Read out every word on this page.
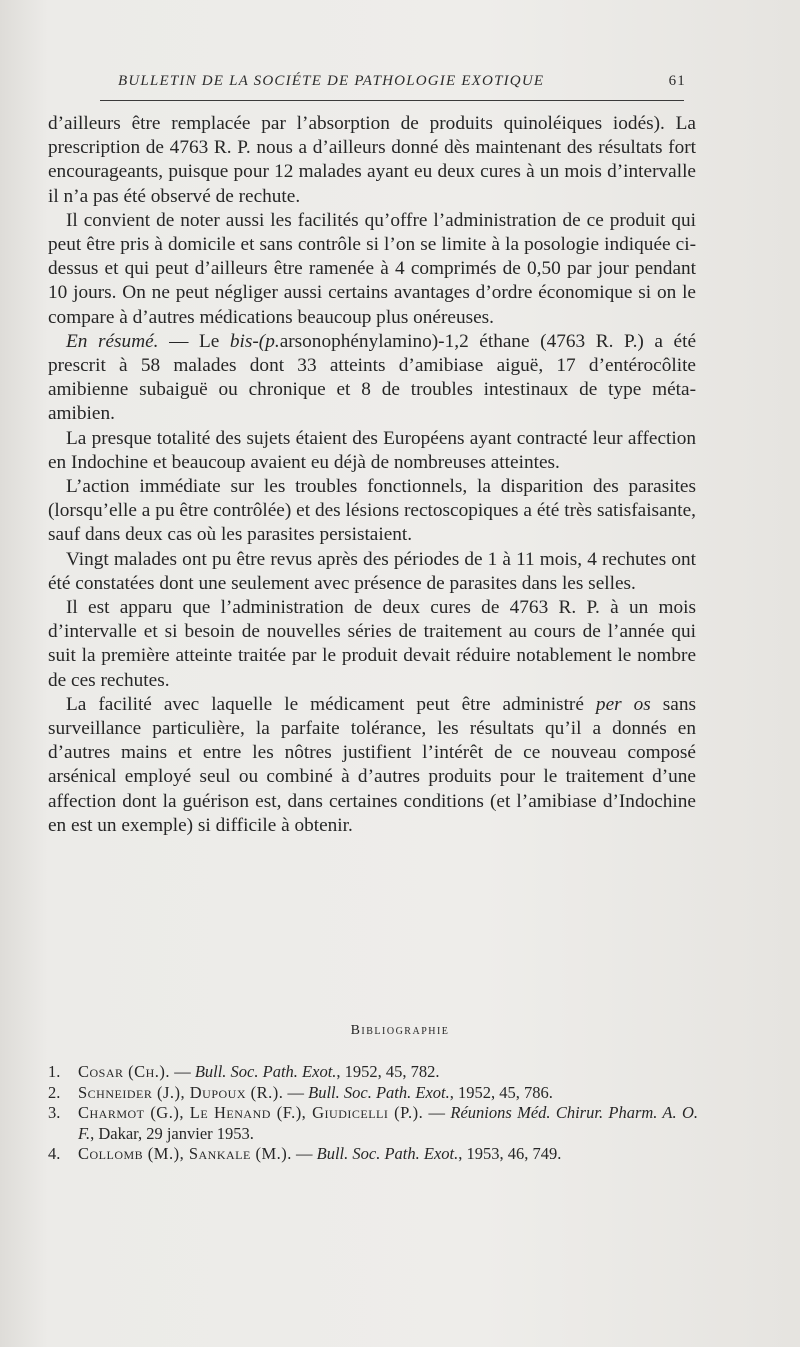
BULLETIN DE LA SOCIÉTE DE PATHOLOGIE EXOTIQUE	61

d’ailleurs être remplacée par l’absorption de produits quinoléiques iodés). La prescription de 4763 R. P. nous a d’ailleurs donné dès maintenant des résultats fort encourageants, puisque pour 12 malades ayant eu deux cures à un mois d’intervalle il n’a pas été observé de rechute.

Il convient de noter aussi les facilités qu’offre l’administration de ce produit qui peut être pris à domicile et sans contrôle si l’on se limite à la posologie indiquée ci-dessus et qui peut d’ailleurs être ramenée à 4 comprimés de 0,50 par jour pendant 10 jours. On ne peut négliger aussi certains avantages d’ordre économique si on le compare à d’autres médications beaucoup plus onéreuses.

En résumé. — Le bis-(p.arsonophénylamino)-1,2 éthane (4763 R. P.) a été prescrit à 58 malades dont 33 atteints d’amibiase aiguë, 17 d’entérocôlite amibienne subaiguë ou chronique et 8 de troubles intestinaux de type méta-amibien.

La presque totalité des sujets étaient des Européens ayant contracté leur affection en Indochine et beaucoup avaient eu déjà de nombreuses atteintes.

L’action immédiate sur les troubles fonctionnels, la disparition des parasites (lorsqu’elle a pu être contrôlée) et des lésions rectoscopiques a été très satisfaisante, sauf dans deux cas où les parasites persistaient.

Vingt malades ont pu être revus après des périodes de 1 à 11 mois, 4 rechutes ont été constatées dont une seulement avec présence de parasites dans les selles.

Il est apparu que l’administration de deux cures de 4763 R. P. à un mois d’intervalle et si besoin de nouvelles séries de traitement au cours de l’année qui suit la première atteinte traitée par le produit devait réduire notablement le nombre de ces rechutes.

La facilité avec laquelle le médicament peut être administré per os sans surveillance particulière, la parfaite tolérance, les résultats qu’il a donnés en d’autres mains et entre les nôtres justifient l’intérêt de ce nouveau composé arsénical employé seul ou combiné à d’autres produits pour le traitement d’une affection dont la guérison est, dans certaines conditions (et l’amibiase d’Indochine en est un exemple) si difficile à obtenir.

Bibliographie
1. Cosar (Ch.). — Bull. Soc. Path. Exot., 1952, 45, 782.
2. Schneider (J.), Dupoux (R.). — Bull. Soc. Path. Exot., 1952, 45, 786.
3. Charmot (G.), Le Henand (F.), Giudicelli (P.). — Réunions Méd. Chirur. Pharm. A. O. F., Dakar, 29 janvier 1953.
4. Collomb (M.), Sankale (M.). — Bull. Soc. Path. Exot., 1953, 46, 749.
